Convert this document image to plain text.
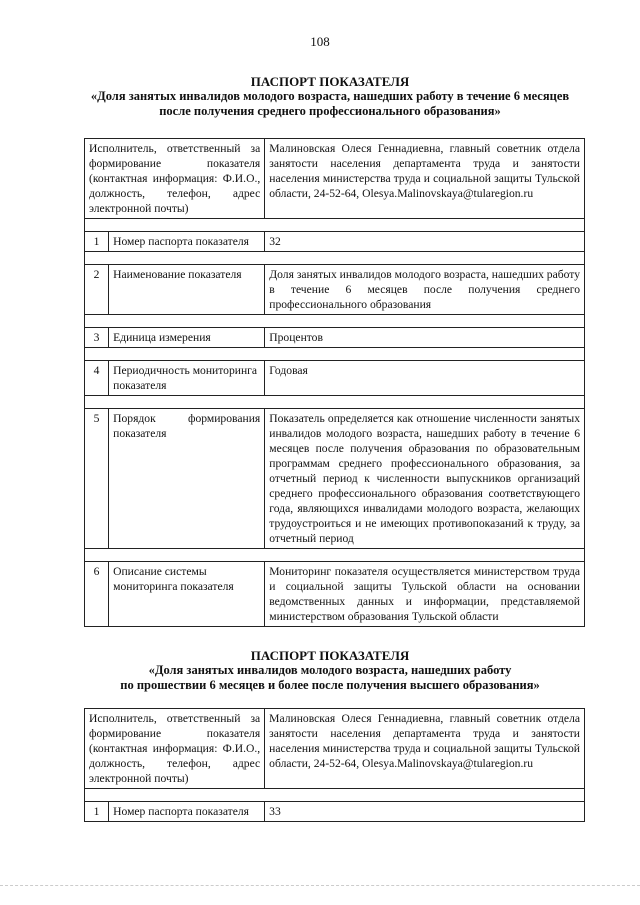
108
ПАСПОРТ ПОКАЗАТЕЛЯ
«Доля занятых инвалидов молодого возраста, нашедших работу в течение 6 месяцев
после получения среднего профессионального образования»
Исполнитель, ответственный за формирование показателя (контактная информация: Ф.И.О., должность, телефон, адрес электронной почты)		Малиновская Олеся Геннадиевна, главный советник отдела занятости населения департамента труда и занятости населения министерства труда и социальной защиты Тульской области, 24-52-64, Olesya.Malinovskaya@tularegion.ru

1	Номер паспорта показателя	32

2	Наименование показателя	Доля занятых инвалидов молодого возраста, нашедших работу в течение 6 месяцев после получения среднего профессионального образования

3	Единица измерения	Процентов

4	Периодичность мониторинга показателя	Годовая

5	Порядок формирования показателя	Показатель определяется как отношение численности занятых инвалидов молодого возраста, нашедших работу в течение 6 месяцев после получения образования по образовательным программам среднего профессионального образования, за отчетный период к численности выпускников организаций среднего профессионального образования соответствующего года, являющихся инвалидами молодого возраста, желающих трудоустроиться и не имеющих противопоказаний к труду, за отчетный период

6	Описание системы мониторинга показателя	Мониторинг показателя осуществляется министерством труда и социальной защиты Тульской области на основании ведомственных данных и информации, представляемой министерством образования Тульской области
ПАСПОРТ ПОКАЗАТЕЛЯ
«Доля занятых инвалидов молодого возраста, нашедших работу
по прошествии 6 месяцев и более после получения высшего образования»
Исполнитель, ответственный за формирование показателя (контактная информация: Ф.И.О., должность, телефон, адрес электронной почты)		Малиновская Олеся Геннадиевна, главный советник отдела занятости населения департамента труда и занятости населения министерства труда и социальной защиты Тульской области, 24-52-64, Olesya.Malinovskaya@tularegion.ru

1	Номер паспорта показателя	33
